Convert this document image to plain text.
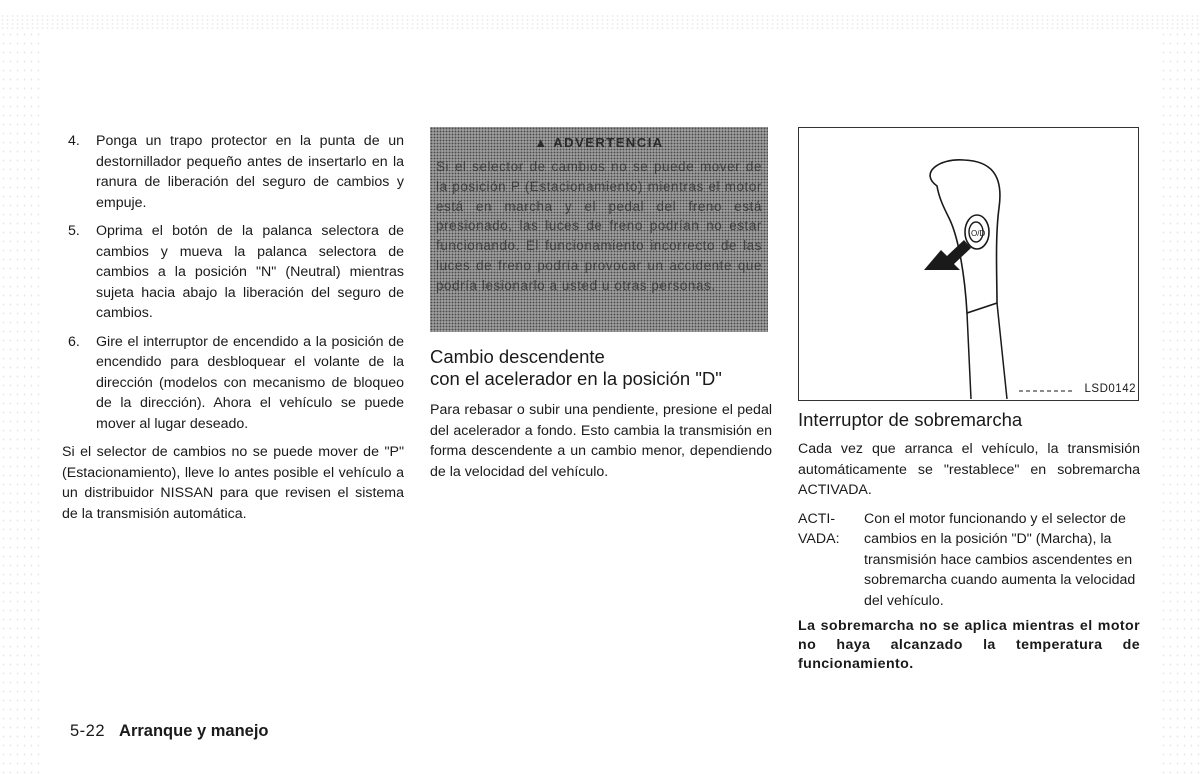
4.	Ponga un trapo protector en la punta de un destornillador pequeño antes de insertarlo en la ranura de liberación del seguro de cambios y empuje.
5.	Oprima el botón de la palanca selectora de cambios y mueva la palanca selectora de cambios a la posición "N" (Neutral) mientras sujeta hacia abajo la liberación del seguro de cambios.
6.	Gire el interruptor de encendido a la posición de encendido para desbloquear el volante de la dirección (modelos con mecanismo de bloqueo de la dirección). Ahora el vehículo se puede mover al lugar deseado.

Si el selector de cambios no se puede mover de "P" (Estacionamiento), lleve lo antes posible el vehículo a un distribuidor NISSAN para que revisen el sistema de la transmisión automática.

▲ ADVERTENCIA
Si el selector de cambios no se puede mover de la posición P (Estacionamiento) mientras el motor está en marcha y el pedal del freno está presionado, las luces de freno podrían no estar funcionando. El funcionamiento incorrecto de las luces de freno podría provocar un accidente que podría lesionarlo a usted u otras personas.
Cambio descendente
con el acelerador en la posición "D"

Para rebasar o subir una pendiente, presione el pedal del acelerador a fondo. Esto cambia la transmisión en forma descendente a un cambio menor, dependiendo de la velocidad del vehículo.

O/D
LSD0142
Interruptor de sobremarcha

Cada vez que arranca el vehículo, la transmisión automáticamente se "restablece" en sobremarcha ACTIVADA.

ACTI-VADA:
Con el motor funcionando y el selector de cambios en la posición "D" (Marcha), la transmisión hace cambios ascendentes en sobremarcha cuando aumenta la velocidad del vehículo.

La sobremarcha no se aplica mientras el motor no haya alcanzado la temperatura de funcionamiento.

5-22 Arranque y manejo
